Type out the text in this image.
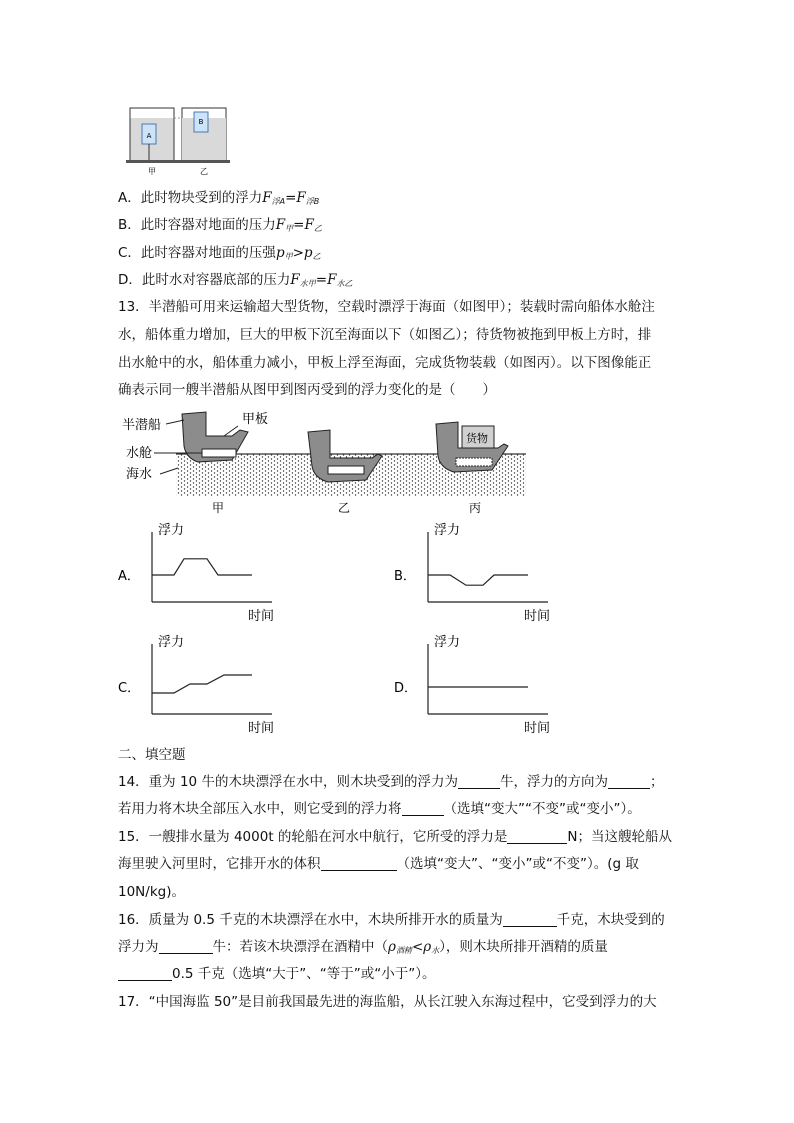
A
B
甲	乙
A．此时物块受到的浮力$F_{浮A}=F_{浮B}$
B．此时容器对地面的压力$F_甲=F_乙$
C．此时容器对地面的压强$p_甲>p_乙$
D．此时水对容器底部的压力$F_{水甲}=F_{水乙}$
13．半潜船可用来运输超大型货物，空载时漂浮于海面（如图甲）；装载时需向船体水舱注
水，船体重力增加，巨大的甲板下沉至海面以下（如图乙）；待货物被拖到甲板上方时，排
出水舱中的水，船体重力减小，甲板上浮至海面，完成货物装载（如图丙）。以下图像能正
确表示同一艘半潜船从图甲到图丙受到的浮力变化的是（　　）
半潜船	甲板
水舱
海水
货物
甲	乙	丙
浮力
时间
A．
浮力
时间
B．
浮力
时间
C．
浮力
时间
D．
二、填空题
14．重为 10 牛的木块漂浮在水中，则木块受到的浮力为	牛，浮力的方向为	；
若用力将木块全部压入水中，则它受到的浮力将	（选填“变大”“不变”或“变小”）。
15．一艘排水量为 4000t 的轮船在河水中航行，它所受的浮力是	N；当这艘轮船从
海里驶入河里时，它排开水的体积	（选填“变大”、“变小”或“不变”）。(g 取
10N/kg)。
16．质量为 0.5 千克的木块漂浮在水中，木块所排开水的质量为	千克，木块受到的
浮力为	牛：若该木块漂浮在酒精中$(\rho_{酒精}<\rho_水)$，则木块所排开酒精的质量
0.5 千克（选填“大于”、“等于”或“小于”）。
17．“中国海监 50”是目前我国最先进的海监船，从长江驶入东海过程中，它受到浮力的大
